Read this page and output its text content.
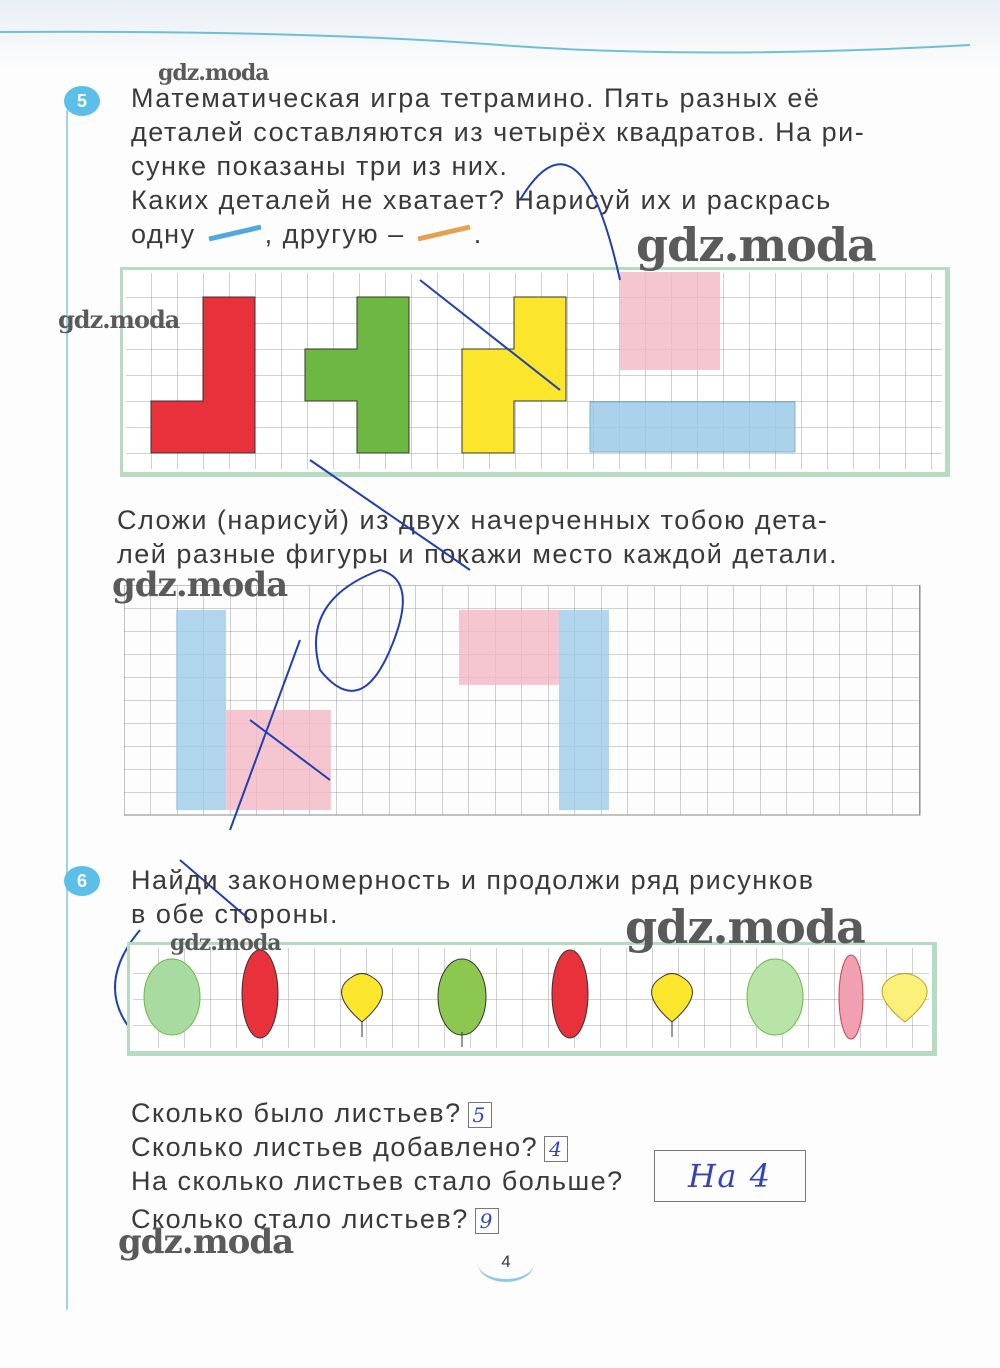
5	Математическая игра тетрамино. Пять разных её

деталей составляются из четырёх квадратов. На ри-

сунке показаны три из них.

Каких деталей не хватает? Нарисуй их и раскрась

одну	, другую –	.

Сложи (нарисуй) из двух начерченных тобою дета-

лей разные фигуры и покажи место каждой детали.

6	Найди закономерность и продолжи ряд рисунков

в обе стороны.

Сколько было листьев? 5

Сколько листьев добавлено? 4

На сколько листьев стало больше? На 4

Сколько стало листьев? 9

4
gdz.moda
gdz.moda
gdz.moda
gdz.moda
gdz.moda
gdz.moda
gdz.moda
